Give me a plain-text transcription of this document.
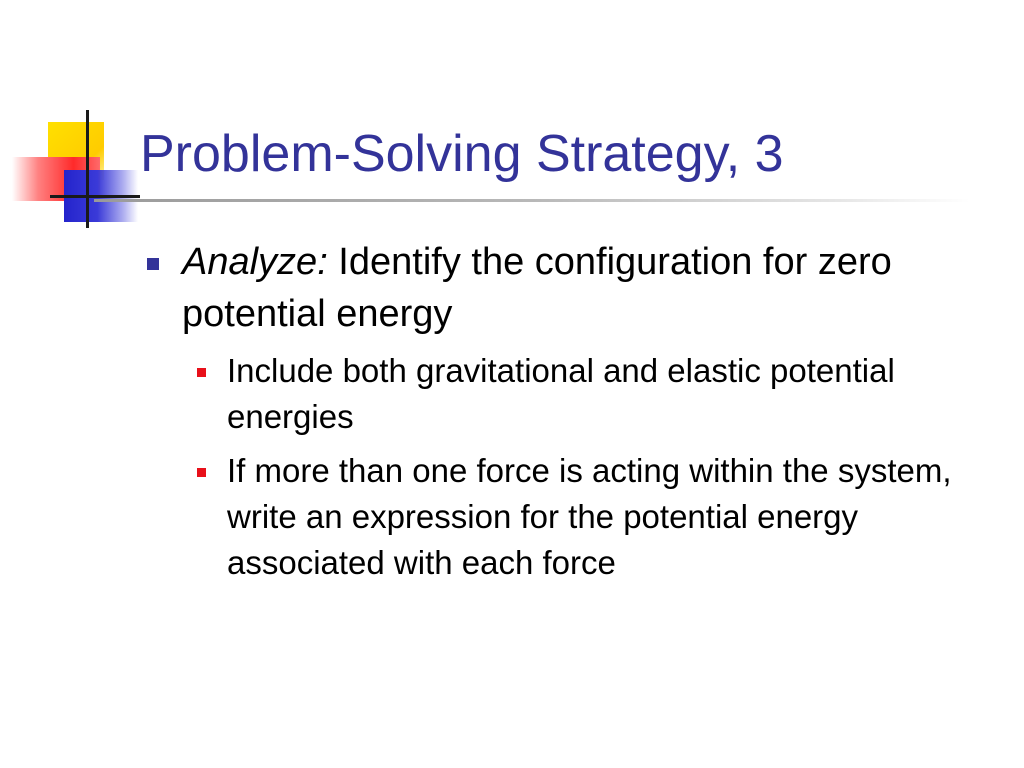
Problem-Solving Strategy, 3
Analyze: Identify the configuration for zero potential energy
Include both gravitational and elastic potential energies
If more than one force is acting within the system, write an expression for the potential energy associated with each force
